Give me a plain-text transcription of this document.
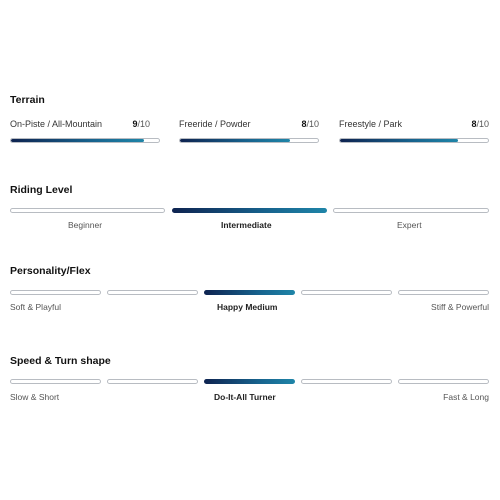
Terrain
On-Piste / All-Mountain	9/10	Freeride / Powder	8/10 Freestyle / Park	8/10
Riding Level
Beginner	Intermediate	Expert
Personality/Flex
Soft & Playful	Happy Medium	Stiff & Powerful
Speed & Turn shape
Slow & Short	Do-It-All Turner	Fast & Long
